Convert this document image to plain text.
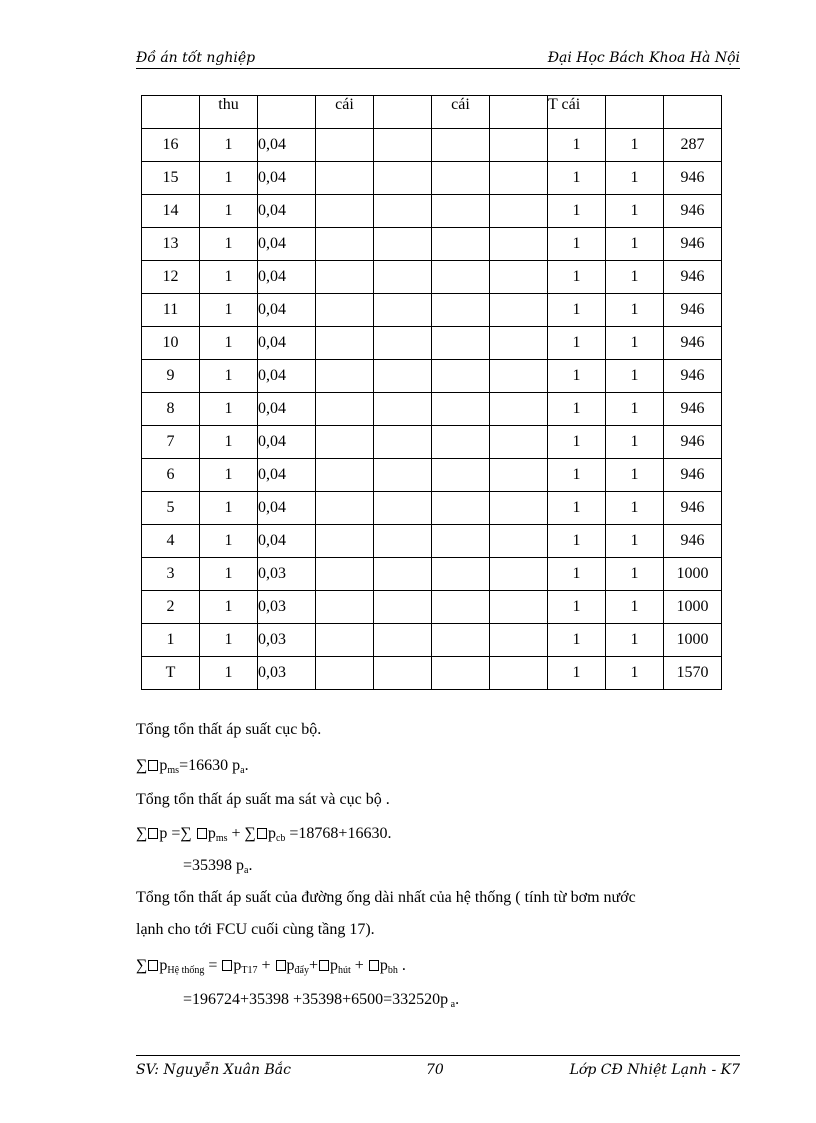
Đồ án tốt nghiệp	Đại Học Bách Khoa Hà Nội
	thu		cái		cái		T cái		
16	1	0,04					1	1	287
15	1	0,04					1	1	946
14	1	0,04					1	1	946
13	1	0,04					1	1	946
12	1	0,04					1	1	946
11	1	0,04					1	1	946
10	1	0,04					1	1	946
9	1	0,04					1	1	946
8	1	0,04					1	1	946
7	1	0,04					1	1	946
6	1	0,04					1	1	946
5	1	0,04					1	1	946
4	1	0,04					1	1	946
3	1	0,03					1	1	1000
2	1	0,03					1	1	1000
1	1	0,03					1	1	1000
T	1	0,03					1	1	1570
Tổng tổn thất áp suất cục bộ.
∑ $p_{ms}=16630$ $p_a$.
Tổng tổn thất áp suất ma sát và cục bộ .
∑ p =∑ $p_{ms}$ + ∑ $p_{cb} =18768+16630$.
=35398 $p_a$.
Tổng tổn thất áp suất của đường ống dài nhất của hệ thống ( tính từ bơm nước
lạnh cho tới FCU cuối cùng tầng 17).
∑ $p_{Hệ thống} = p_{T17} + p_{đẩy}+ p_{hút} + p_{bh}$ .
=196724+35398 +35398+6500=332520p $_a$.
SV: Nguyễn Xuân Bắc	70	Lớp CĐ Nhiệt Lạnh - K7
